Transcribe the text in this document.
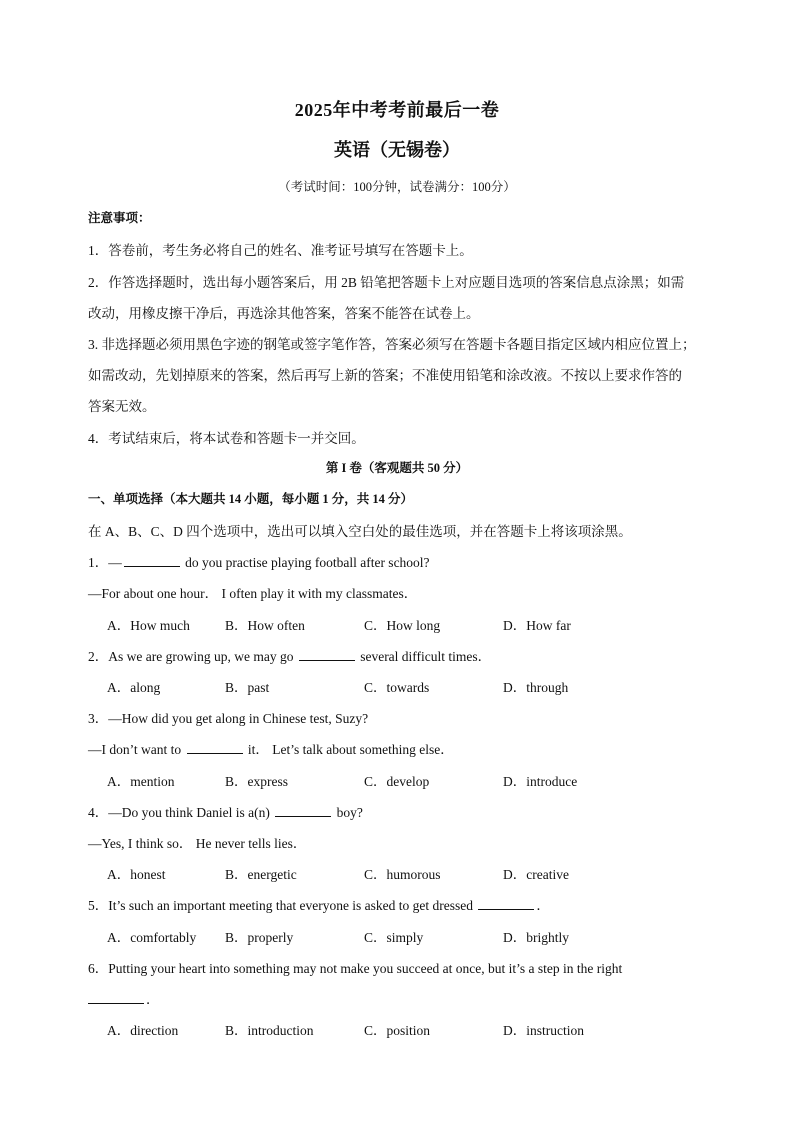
2025年中考考前最后一卷
英语（无锡卷）
（考试时间：100分钟，试卷满分：100分）
注意事项：
1．答卷前，考生务必将自己的姓名、准考证号填写在答题卡上。
2．作答选择题时，选出每小题答案后，用 2B 铅笔把答题卡上对应题目选项的答案信息点涂黑；如需
改动，用橡皮擦干净后，再选涂其他答案，答案不能答在试卷上。
3. 非选择题必须用黑色字迹的钢笔或签字笔作答，答案必须写在答题卡各题目指定区域内相应位置上；
如需改动，先划掉原来的答案，然后再写上新的答案；不准使用铅笔和涂改液。不按以上要求作答的
答案无效。
4．考试结束后，将本试卷和答题卡一并交回。
第 I 卷（客观题共 50 分）
一、单项选择（本大题共 14 小题，每小题 1 分，共 14 分）
在 A、B、C、D 四个选项中，选出可以填入空白处的最佳选项，并在答题卡上将该项涂黑。
1．—	do you practise playing football after school?
—For about one hour． I often play it with my classmates．
A．How much	B．How often	C．How long	D．How far
2．As we are growing up, we may go	several difficult times．
A．along	B．past	C．towards	D．through
3．—How did you get along in Chinese test, Suzy?
—I don’t want to	it． Let’s talk about something else．
A．mention	B．express	C．develop	D．introduce
4．—Do you think Daniel is a(n)	boy?
—Yes, I think so． He never tells lies．
A．honest	B．energetic	C．humorous	D．creative
5．It’s such an important meeting that everyone is asked to get dressed	．
A．comfortably B．properly	C．simply	D．brightly
6．Putting your heart into something may not make you succeed at once, but it’s a step in the right
．
A．direction	B．introduction	C．position	D．instruction
